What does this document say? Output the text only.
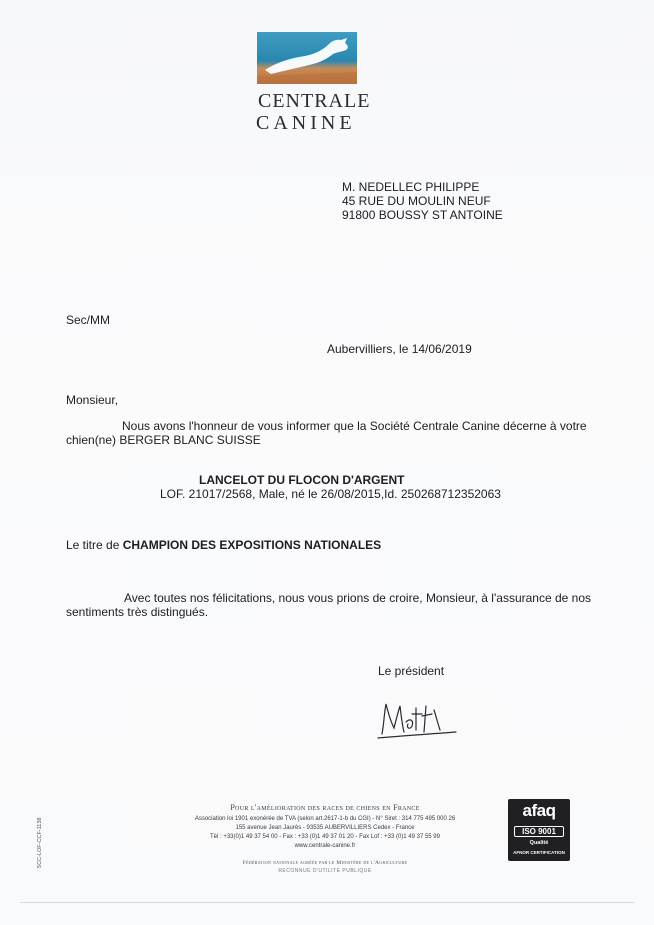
CENTRALE
CANINE
M. NEDELLEC PHILIPPE
45 RUE DU MOULIN NEUF
91800 BOUSSY ST ANTOINE
Sec/MM
Aubervilliers, le 14/06/2019
Monsieur,
Nous avons l'honneur de vous informer que la Société Centrale Canine décerne à votre
chien(ne) BERGER BLANC SUISSE
LANCELOT DU FLOCON D'ARGENT
LOF. 21017/2568, Male, né le 26/08/2015,Id. 250268712352063
Le titre de CHAMPION DES EXPOSITIONS NATIONALES
Avec toutes nos félicitations, nous vous prions de croire, Monsieur, à l'assurance de nos
sentiments très distingués.
Le président
Pour l'amélioration des races de chiens en France
Association loi 1901 exonérée de TVA (selon art.2617-1-b du CGI) - N° Siret : 314 775 495 000 26
155 avenue Jean Jaurès - 93535 AUBERVILLIERS Cedex - France
Tél : +33(0)1 49 37 54 00 - Fax : +33 (0)1 49 37 01 20 - Fax Lof : +33 (0)1 49 37 55 99
www.centrale-canine.fr
Fédération nationale agréée par le Ministère de l'Agriculture
RECONNUE D'UTILITÉ PUBLIQUE
SCC-LOF-CCF-1138
afaq
ISO 9001
Qualité
AFNOR CERTIFICATION
